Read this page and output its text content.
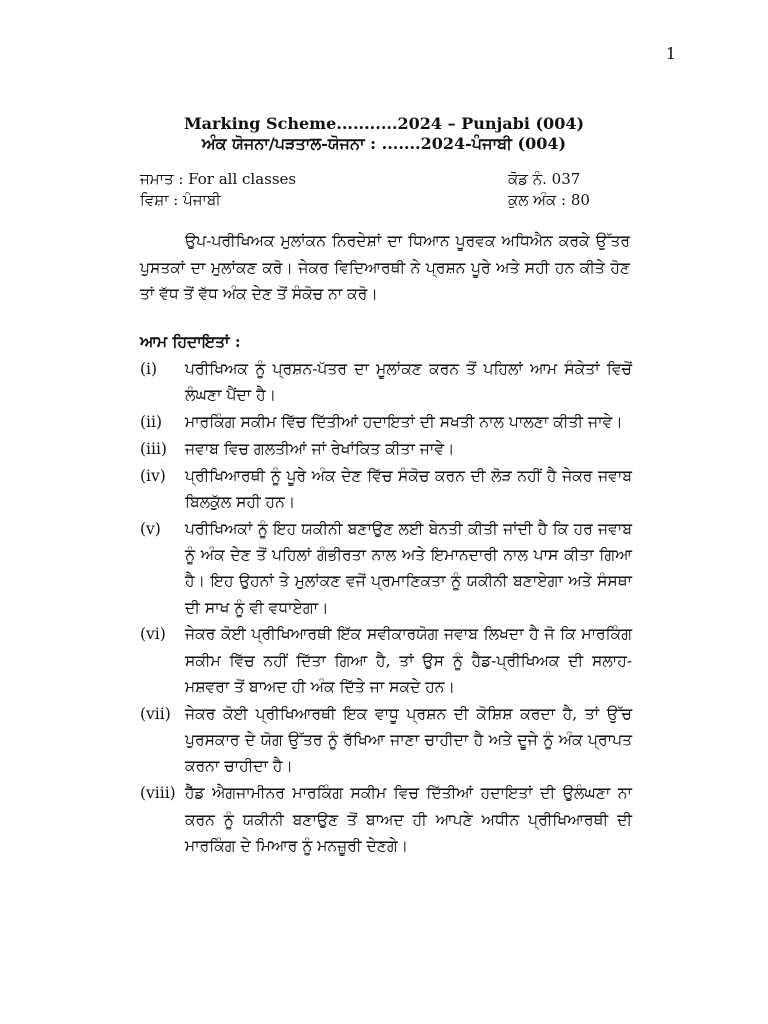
1
Marking Scheme...........2024 – Punjabi (004)
ਅੰਕ ਯੋਜਨਾ/ਪੜਤਾਲ-ਯੋਜਨਾ : .......2024-ਪੰਜਾਬੀ (004)
ਜਮਾਤ : For all classes	ਕੋਡ ਨੰ. 037
ਵਿਸ਼ਾ : ਪੰਜਾਬੀ	ਕੁਲ ਅੰਕ : 80

ਉਪ-ਪਰੀਖਿਅਕ ਮੁਲਾਂਕਨ ਨਿਰਦੇਸ਼ਾਂ ਦਾ ਧਿਆਨ ਪੂਰਵਕ ਅਧਿਐਨ ਕਰਕੇ ਉੱਤਰ ਪੁਸਤਕਾਂ ਦਾ ਮੁਲਾਂਕਣ ਕਰੋ। ਜੇਕਰ ਵਿਦਿਆਰਥੀ ਨੇ ਪ੍ਰਸ਼ਨ ਪੂਰੇ ਅਤੇ ਸਹੀ ਹਨ ਕੀਤੇ ਹੋਣ ਤਾਂ ਵੱਧ ਤੋਂ ਵੱਧ ਅੰਕ ਦੇਣ ਤੋਂ ਸੰਕੋਚ ਨਾ ਕਰੋ।

ਆਮ ਹਿਦਾਇਤਾਂ :
(i) ਪਰੀਖਿਅਕ ਨੂੰ ਪ੍ਰਸ਼ਨ-ਪੱਤਰ ਦਾ ਮੂਲਾਂਕਣ ਕਰਨ ਤੋਂ ਪਹਿਲਾਂ ਆਮ ਸੰਕੇਤਾਂ ਵਿਚੋਂ ਲੰਘਣਾ ਪੈਂਦਾ ਹੈ।
(ii) ਮਾਰਕਿੰਗ ਸਕੀਮ ਵਿੱਚ ਦਿੱਤੀਆਂ ਹਦਾਇਤਾਂ ਦੀ ਸਖਤੀ ਨਾਲ ਪਾਲਣਾ ਕੀਤੀ ਜਾਵੇ।
(iii) ਜਵਾਬ ਵਿਚ ਗਲਤੀਆਂ ਜਾਂ ਰੇਖਾਂਕਿਤ ਕੀਤਾ ਜਾਵੇ।
(iv) ਪ੍ਰੀਖਿਆਰਥੀ ਨੂੰ ਪੂਰੇ ਅੰਕ ਦੇਣ ਵਿੱਚ ਸੰਕੋਚ ਕਰਨ ਦੀ ਲੋੜ ਨਹੀਂ ਹੈ ਜੇਕਰ ਜਵਾਬ ਬਿਲਕੁੱਲ ਸਹੀ ਹਨ।
(v) ਪਰੀਖਿਅਕਾਂ ਨੂੰ ਇਹ ਯਕੀਨੀ ਬਣਾਉਣ ਲਈ ਬੇਨਤੀ ਕੀਤੀ ਜਾਂਦੀ ਹੈ ਕਿ ਹਰ ਜਵਾਬ ਨੂੰ ਅੰਕ ਦੇਣ ਤੋਂ ਪਹਿਲਾਂ ਗੰਭੀਰਤਾ ਨਾਲ ਅਤੇ ਇਮਾਨਦਾਰੀ ਨਾਲ ਪਾਸ ਕੀਤਾ ਗਿਆ ਹੈ। ਇਹ ਉਹਨਾਂ ਤੇ ਮੁਲਾਂਕਣ ਵਜੋਂ ਪ੍ਰਮਾਣਿਕਤਾ ਨੂੰ ਯਕੀਨੀ ਬਣਾਏਗਾ ਅਤੇ ਸੰਸਥਾ ਦੀ ਸਾਖ ਨੂੰ ਵੀ ਵਧਾਏਗਾ।
(vi) ਜੇਕਰ ਕੋਈ ਪ੍ਰੀਖਿਆਰਥੀ ਇੱਕ ਸਵੀਕਾਰਯੋਗ ਜਵਾਬ ਲਿਖਦਾ ਹੈ ਜੋ ਕਿ ਮਾਰਕਿੰਗ ਸਕੀਮ ਵਿੱਚ ਨਹੀਂ ਦਿੱਤਾ ਗਿਆ ਹੈ, ਤਾਂ ਉਸ ਨੂੰ ਹੈਡ-ਪ੍ਰੀਖਿਅਕ ਦੀ ਸਲਾਹ-ਮਸ਼ਵਰਾ ਤੋਂ ਬਾਅਦ ਹੀ ਅੰਕ ਦਿੱਤੇ ਜਾ ਸਕਦੇ ਹਨ।
(vii) ਜੇਕਰ ਕੋਈ ਪ੍ਰੀਖਿਆਰਥੀ ਇਕ ਵਾਧੂ ਪ੍ਰਸ਼ਨ ਦੀ ਕੋਸ਼ਿਸ਼ ਕਰਦਾ ਹੈ, ਤਾਂ ਉੱਚ ਪੁਰਸਕਾਰ ਦੇ ਯੋਗ ਉੱਤਰ ਨੂੰ ਰੱਖਿਆ ਜਾਣਾ ਚਾਹੀਦਾ ਹੈ ਅਤੇ ਦੂਜੇ ਨੂੰ ਅੰਕ ਪ੍ਰਾਪਤ ਕਰਨਾ ਚਾਹੀਦਾ ਹੈ।
(viii) ਹੈੱਡ ਐਗਜਾਮੀਨਰ ਮਾਰਕਿੰਗ ਸਕੀਮ ਵਿਚ ਦਿੱਤੀਆਂ ਹਦਾਇਤਾਂ ਦੀ ਉਲੰਘਣਾ ਨਾ ਕਰਨ ਨੂੰ ਯਕੀਨੀ ਬਣਾਉਣ ਤੋਂ ਬਾਅਦ ਹੀ ਆਪਣੇ ਅਧੀਨ ਪ੍ਰੀਖਿਆਰਥੀ ਦੀ ਮਾਰਕਿੰਗ ਦੇ ਮਿਆਰ ਨੂੰ ਮਨਜ਼ੂਰੀ ਦੇਣਗੇ।
